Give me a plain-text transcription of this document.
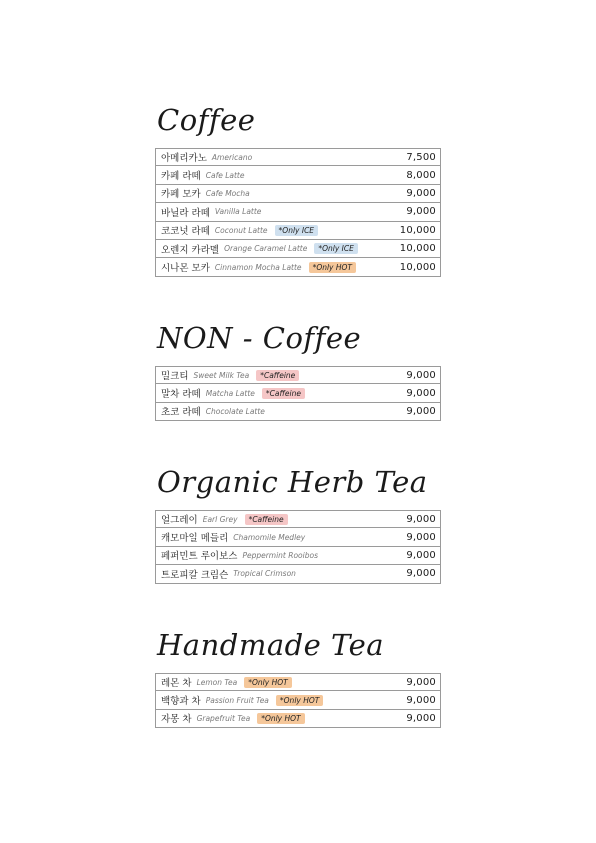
Coffee
아메리카노 Americano	7,500
카페 라떼 Cafe Latte	8,000
카페 모카 Cafe Mocha	9,000
바닐라 라떼 Vanilla Latte	9,000
코코넛 라떼 Coconut Latte	*Only ICE	10,000
오렌지 카라멜 Orange Caramel Latte	*Only ICE	10,000
시나몬 모카 Cinnamon Mocha Latte	*Only HOT	10,000
NON - Coffee
밀크티 Sweet Milk Tea	*Caffeine	9,000
말차 라떼 Matcha Latte	*Caffeine	9,000
초코 라떼 Chocolate Latte	9,000
Organic Herb Tea
얼그레이 Earl Grey	*Caffeine	9,000
캐모마일 메들리 Chamomile Medley	9,000
페퍼민트 루이보스 Peppermint Rooibos	9,000
트로피칼 크림슨 Tropical Crimson	9,000
Handmade Tea
레몬 차 Lemon Tea	*Only HOT	9,000
백향과 차 Passion Fruit Tea	*Only HOT	9,000
자몽 차 Grapefruit Tea	*Only HOT	9,000
